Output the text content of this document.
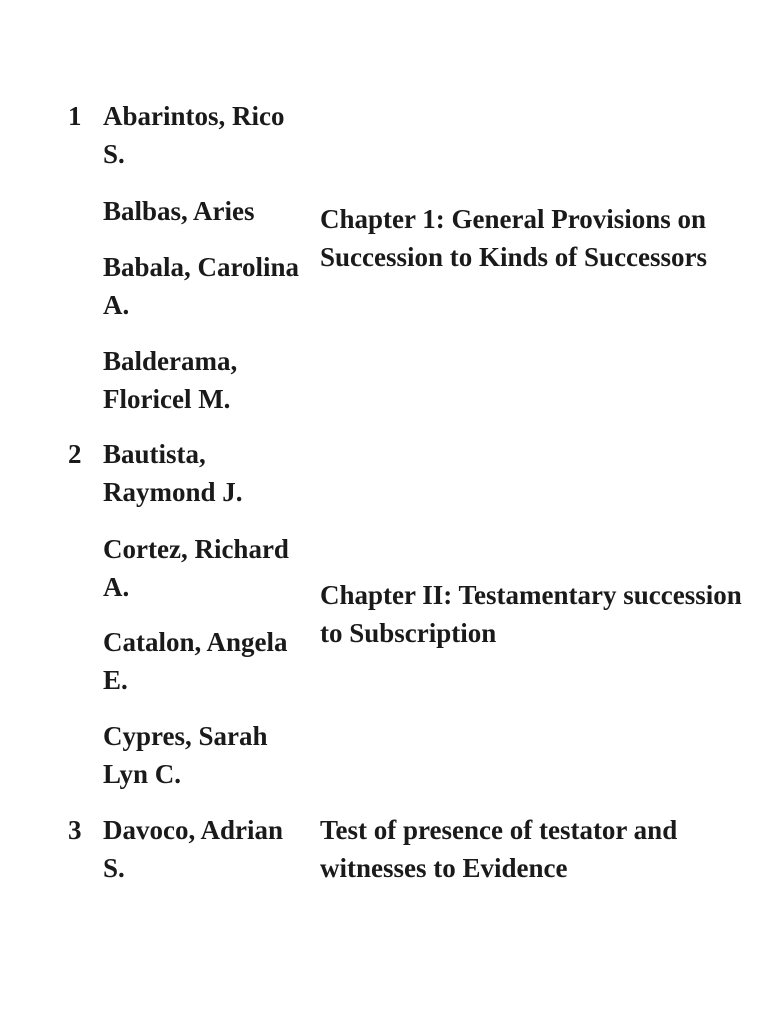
1 Abarintos, Rico S.
Balbas, Aries
Babala, Carolina A.
Balderama, Floricel M.
Chapter 1: General Provisions on Succession to Kinds of Successors
2 Bautista, Raymond J.
Cortez, Richard A.
Catalon, Angela E.
Cypres, Sarah Lyn C.
Chapter II: Testamentary succession to Subscription
3 Davoco, Adrian S.
Test of presence of testator and witnesses to Evidence
